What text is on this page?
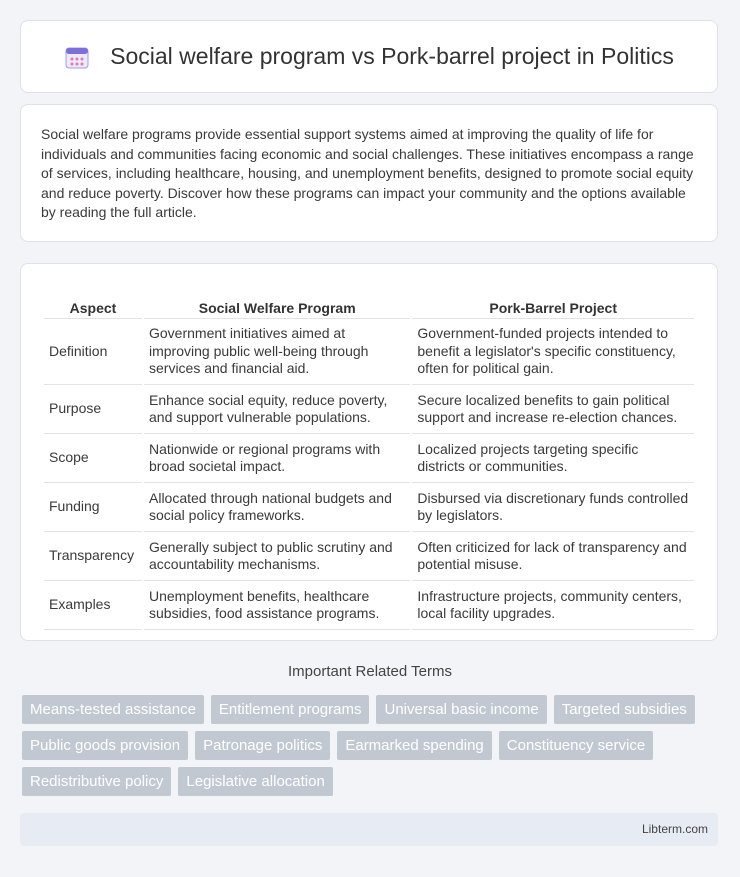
Social welfare program vs Pork-barrel project in Politics

Social welfare programs provide essential support systems aimed at improving the quality of life for individuals and communities facing economic and social challenges. These initiatives encompass a range of services, including healthcare, housing, and unemployment benefits, designed to promote social equity and reduce poverty. Discover how these programs can impact your community and the options available by reading the full article.

Aspect	Social Welfare Program	Pork-Barrel Project
Definition	Government initiatives aimed at improving public well-being through services and financial aid.	Government-funded projects intended to benefit a legislator's specific constituency, often for political gain.
Purpose	Enhance social equity, reduce poverty, and support vulnerable populations.	Secure localized benefits to gain political support and increase re-election chances.
Scope	Nationwide or regional programs with broad societal impact.	Localized projects targeting specific districts or communities.
Funding	Allocated through national budgets and social policy frameworks.	Disbursed via discretionary funds controlled by legislators.
Transparency	Generally subject to public scrutiny and accountability mechanisms.	Often criticized for lack of transparency and potential misuse.
Examples	Unemployment benefits, healthcare subsidies, food assistance programs.	Infrastructure projects, community centers, local facility upgrades.
Important Related Terms
Means-tested assistance	Entitlement programs	Universal basic income	Targeted subsidies
Public goods provision	Patronage politics	Earmarked spending	Constituency service
Redistributive policy	Legislative allocation
Libterm.com
